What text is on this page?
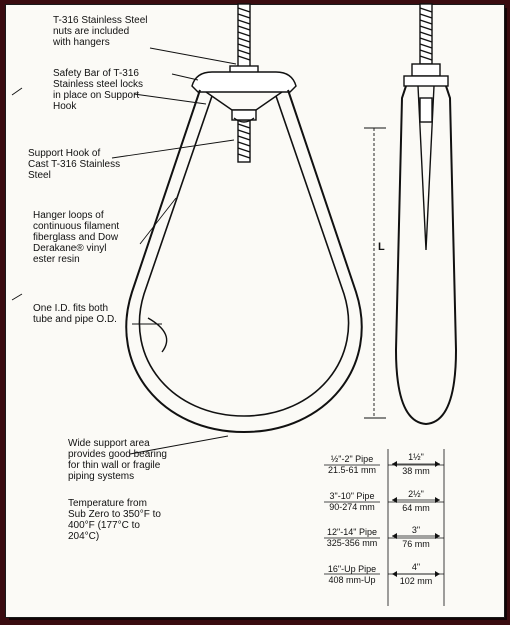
T-316 Stainless Steel
nuts are included
with hangers
Safety Bar of T-316
Stainless steel locks
in place on Support
Hook
Support Hook of
Cast T-316 Stainless
Steel
Hanger loops of
continuous filament
fiberglass and Dow
Derakane® vinyl
ester resin
One I.D. fits both
tube and pipe O.D.
Wide support area
provides good bearing
for thin wall or fragile
piping systems
Temperature from
Sub Zero to 350°F to
400°F (177°C to
204°C)
L
½"-2" Pipe
21.5-61 mm
1½"
38 mm
3"-10" Pipe
90-274 mm
2½"
64 mm
12"-14" Pipe
325-356 mm
3"
76 mm
16"-Up Pipe
408 mm-Up
4"
102 mm
